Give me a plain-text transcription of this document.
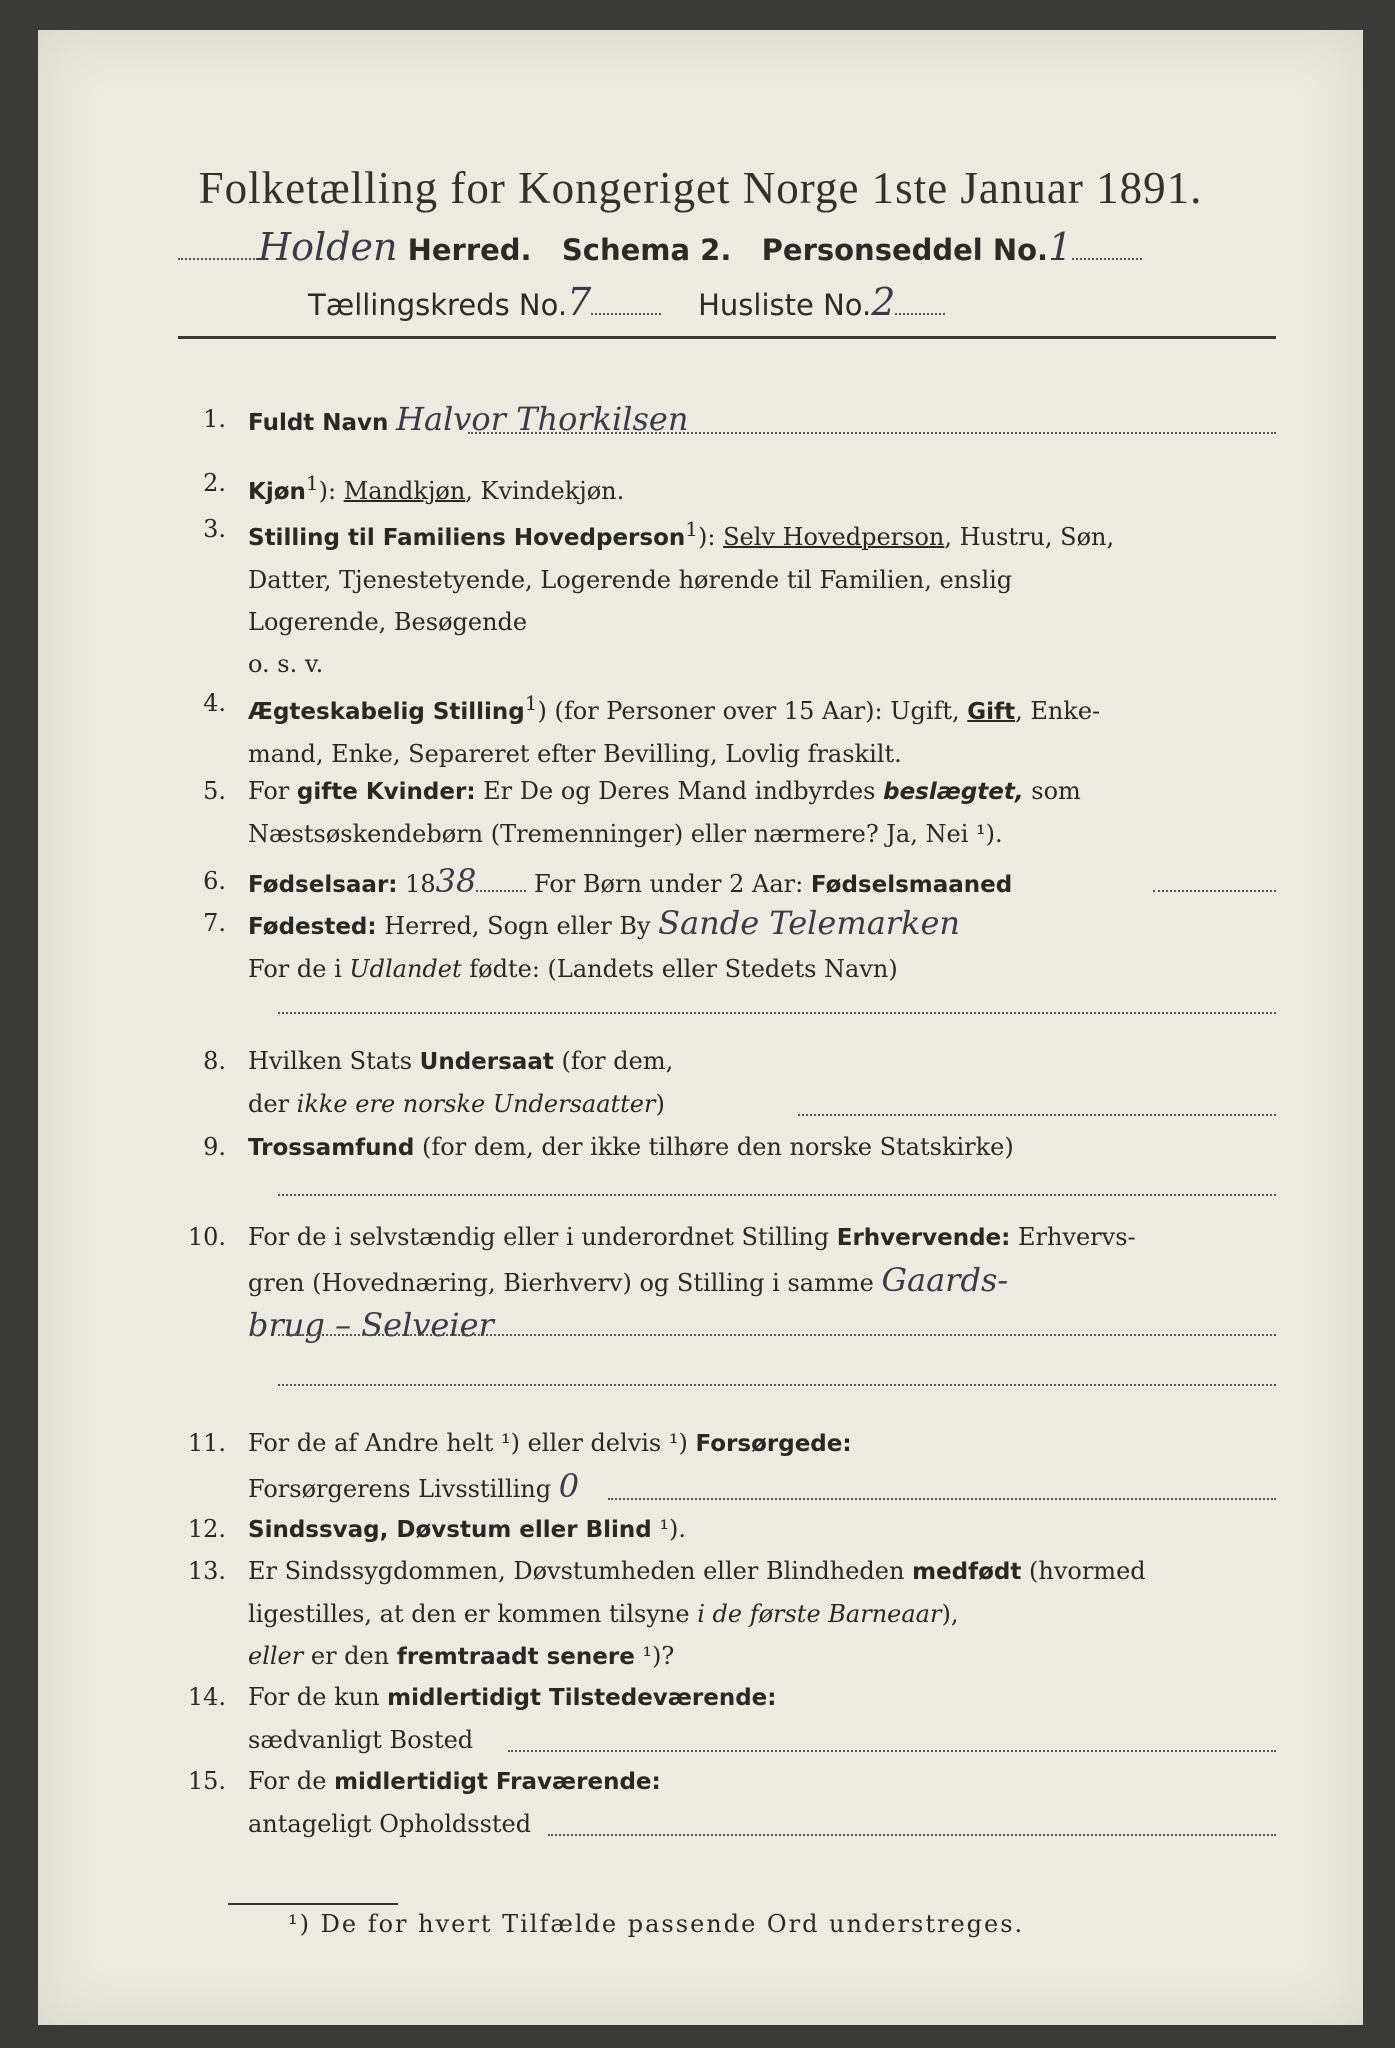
Folketælling for Kongeriget Norge 1ste Januar 1891.
Holden Herred. Schema 2. Personseddel No.1
Tællingskreds No.7	Husliste No.2
1. Fuldt Navn Halvor Thorkilsen
2. Kjøn$^1$): Mandkjøn, Kvindekjøn.
3. Stilling til Familiens Hovedperson$^1$): Selv Hovedperson, Hustru, Søn,
Datter, Tjenestetyende, Logerende hørende til Familien, enslig
Logerende, Besøgende
o. s. v.
4. Ægteskabelig Stilling$^1$) (for Personer over 15 Aar): Ugift, Gift, Enke-
mand, Enke, Separeret efter Bevilling, Lovlig fraskilt.
5. For gifte Kvinder: Er De og Deres Mand indbyrdes beslægtet, som
Næstsøskendebørn (Tremenninger) eller nærmere? Ja, Nei ¹).
6. Fødselsaar: 1838 For Børn under 2 Aar: Fødselsmaaned
7. Fødested: Herred, Sogn eller By Sande Telemarken
For de i Udlandet fødte: (Landets eller Stedets Navn)
8. Hvilken Stats Undersaat (for dem,
der ikke ere norske Undersaatter)
9. Trossamfund (for dem, der ikke tilhøre den norske Statskirke)
10. For de i selvstændig eller i underordnet Stilling Erhvervende: Erhvervs-
gren (Hovednæring, Bierhverv) og Stilling i samme Gaards-
brug – Selveier
11. For de af Andre helt ¹) eller delvis ¹) Forsørgede:
Forsørgerens Livsstilling 0
12. Sindssvag, Døvstum eller Blind ¹).
13. Er Sindssygdommen, Døvstumheden eller Blindheden medfødt (hvormed
ligestilles, at den er kommen tilsyne i de første Barneaar),
eller er den fremtraadt senere ¹)?
14. For de kun midlertidigt Tilstedeværende:
sædvanligt Bosted
15. For de midlertidigt Fraværende:
antageligt Opholdssted
¹) De for hvert Tilfælde passende Ord understreges.
